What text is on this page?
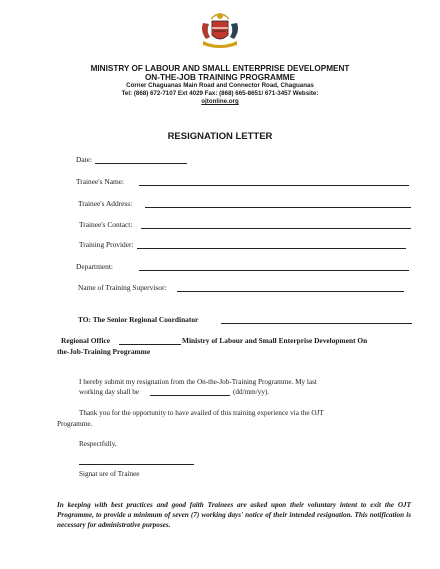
MINISTRY OF LABOUR AND SMALL ENTERPRISE DEVELOPMENT
ON-THE-JOB TRAINING PROGRAMME
Corner Chaguanas Main Road and Connector Road, Chaguanas
Tel: (868) 672-7107 Ext 4029 Fax: (868) 665-8651/ 671-3457 Website:
ojtonline.org
RESIGNATION LETTER
Date:
Trainee's Name:
Trainee's Address:
Trainee's Contact:
Training Provider:
Department:
Name of Training Supervisor:
TO: The Senior Regional Coordinator
Regional Office	Ministry of Labour and Small Enterprise Development On
the-Job-Training Programme
I hereby submit my resignation from the On-the-Job-Training Programme. My last
working day shall be	(dd/mm/yy).
Thank you for the opportunity to have availed of this training experience via the OJT
Programme.
Respectfully,
Signat ure of Trainee
In keeping with best practices and good faith Trainees are asked upon their voluntary intent to exit the OJT Programme, to provide a minimum of seven (7) working days' notice of their intended resignation. This notification is necessary for administrative purposes.
